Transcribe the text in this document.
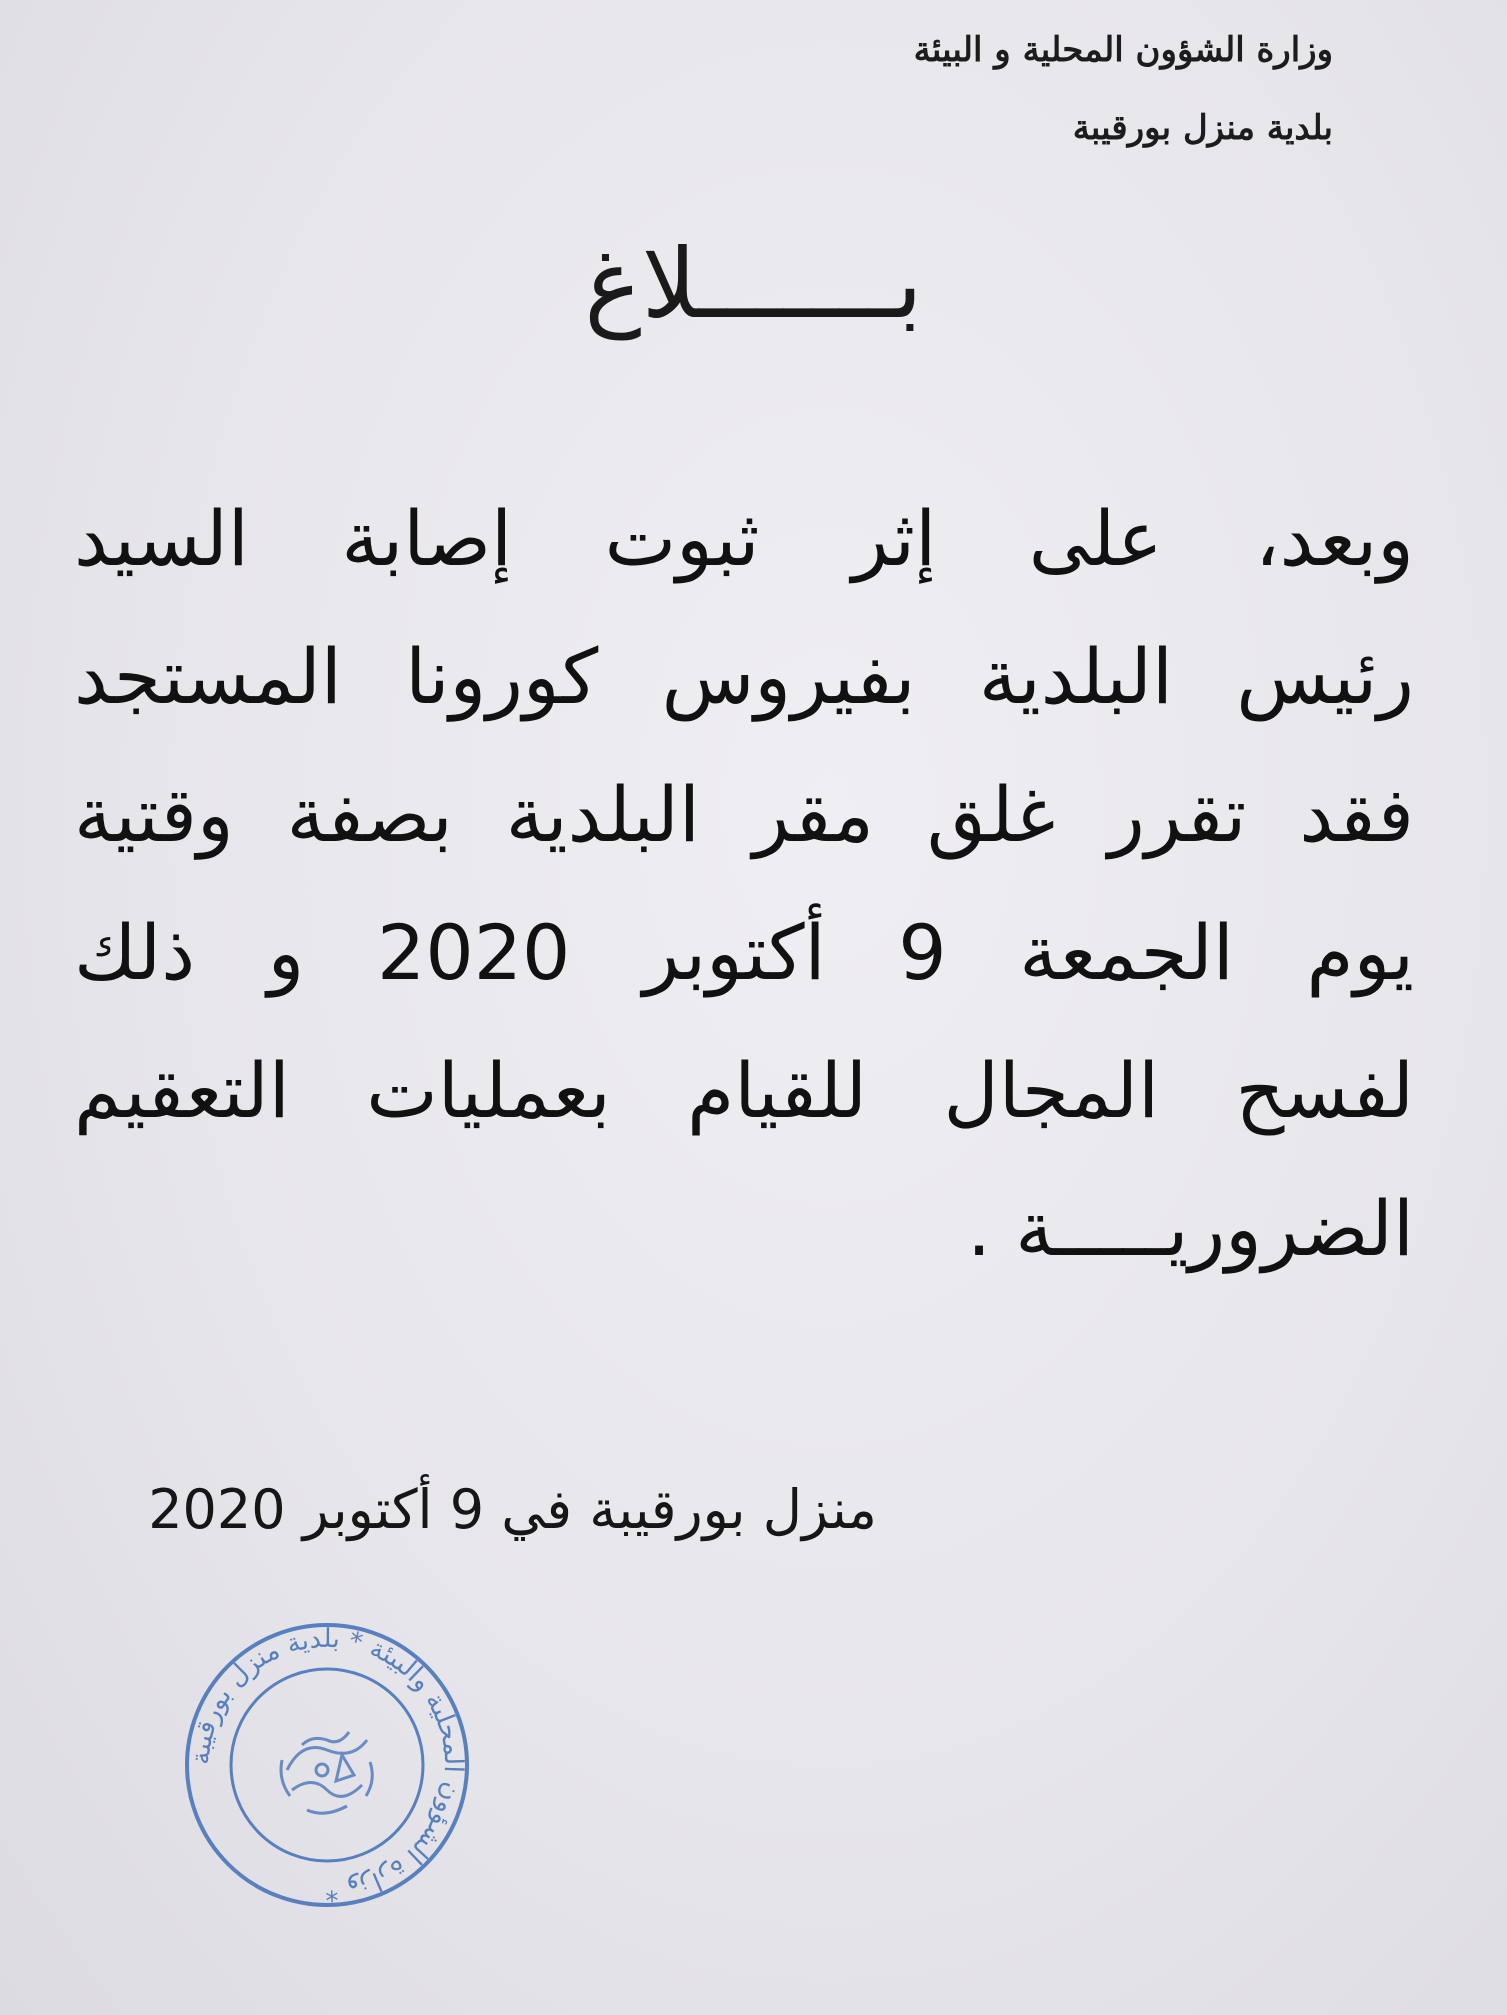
وزارة الشؤون المحلية و البيئة
بلدية منزل بورقيبة
بـــــــلاغ
وبعد، على إثر ثبوت إصابة السيد
رئيس البلدية بفيروس كورونا المستجد
فقد تقرر غلق مقر البلدية بصفة وقتية
يوم الجمعة 9 أكتوبر 2020 و ذلك
لفسح المجال للقيام بعمليات التعقيم
الضروريـــــة .
منزل بورقيبة في 9 أكتوبر 2020
وزارة الشؤون المحلية والبيئة * بلدية منزل بورقيبة *
